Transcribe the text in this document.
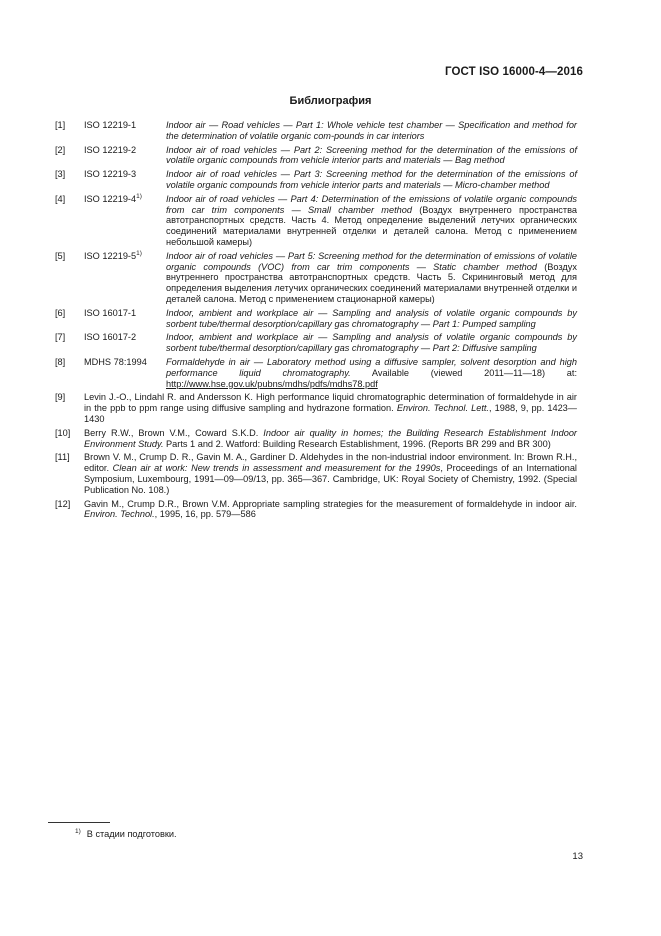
ГОСТ ISO 16000-4—2016
Библиография
[1]	ISO 12219-1	Indoor air — Road vehicles — Part 1: Whole vehicle test chamber — Specification and method for the determination of volatile organic com-pounds in car interiors
[2]	ISO 12219-2	Indoor air of road vehicles — Part 2: Screening method for the determination of the emissions of volatile organic compounds from vehicle interior parts and materials — Bag method
[3]	ISO 12219-3	Indoor air of road vehicles — Part 3: Screening method for the determination of the emissions of volatile organic compounds from vehicle interior parts and materials — Micro-chamber method
[4]	ISO 12219-4$^{1)}$	Indoor air of road vehicles — Part 4: Determination of the emissions of volatile organic compounds from car trim components — Small chamber method (Воздух внутреннего пространства автотранспортных средств. Часть 4. Метод определение выделений летучих органических соединений материалами внутренней отделки и деталей салона. Метод с применением небольшой камеры)
[5]	ISO 12219-5$^{1)}$	Indoor air of road vehicles — Part 5: Screening method for the determination of emissions of volatile organic compounds (VOC) from car trim components — Static chamber method (Воздух внутреннего пространства автотранспортных средств. Часть 5. Скрининговый метод для определения выделения летучих органических соединений материалами внутренней отделки и деталей салона. Метод с применением стационарной камеры)
[6]	ISO 16017-1	Indoor, ambient and workplace air — Sampling and analysis of volatile organic compounds by sorbent tube/thermal desorption/capillary gas chromatography — Part 1: Pumped sampling
[7]	ISO 16017-2	Indoor, ambient and workplace air — Sampling and analysis of volatile organic compounds by sorbent tube/thermal desorption/capillary gas chromatography — Part 2: Diffusive sampling
[8]	MDHS 78:1994	Formaldehyde in air — Laboratory method using a diffusive sampler, solvent desorption and high performance liquid chromatography. Available (viewed 2011—11—18) at: http://www.hse.gov.uk/pubns/mdhs/pdfs/mdhs78.pdf
[9]	Levin J.-O., Lindahl R. and Andersson K. High performance liquid chromatographic determination of formaldehyde in air in the ppb to ppm range using diffusive sampling and hydrazone formation. Environ. Technol. Lett., 1988, 9, pp. 1423—1430
[10]	Berry R.W., Brown V.M., Coward S.K.D. Indoor air quality in homes; the Building Research Establishment Indoor Environment Study. Parts 1 and 2. Watford: Building Research Establishment, 1996. (Reports BR 299 and BR 300)
[11]	Brown V. M., Crump D. R., Gavin M. A., Gardiner D. Aldehydes in the non-industrial indoor environment. In: Brown R.H., editor. Clean air at work: New trends in assessment and measurement for the 1990s, Proceedings of an International Symposium, Luxembourg, 1991—09—09/13, pp. 365—367. Cambridge, UK: Royal Society of Chemistry, 1992. (Special Publication No. 108.)
[12]	Gavin M., Crump D.R., Brown V.M. Appropriate sampling strategies for the measurement of formaldehyde in indoor air. Environ. Technol., 1995, 16, pp. 579—586
$^{1)}$ В стадии подготовки.
13
